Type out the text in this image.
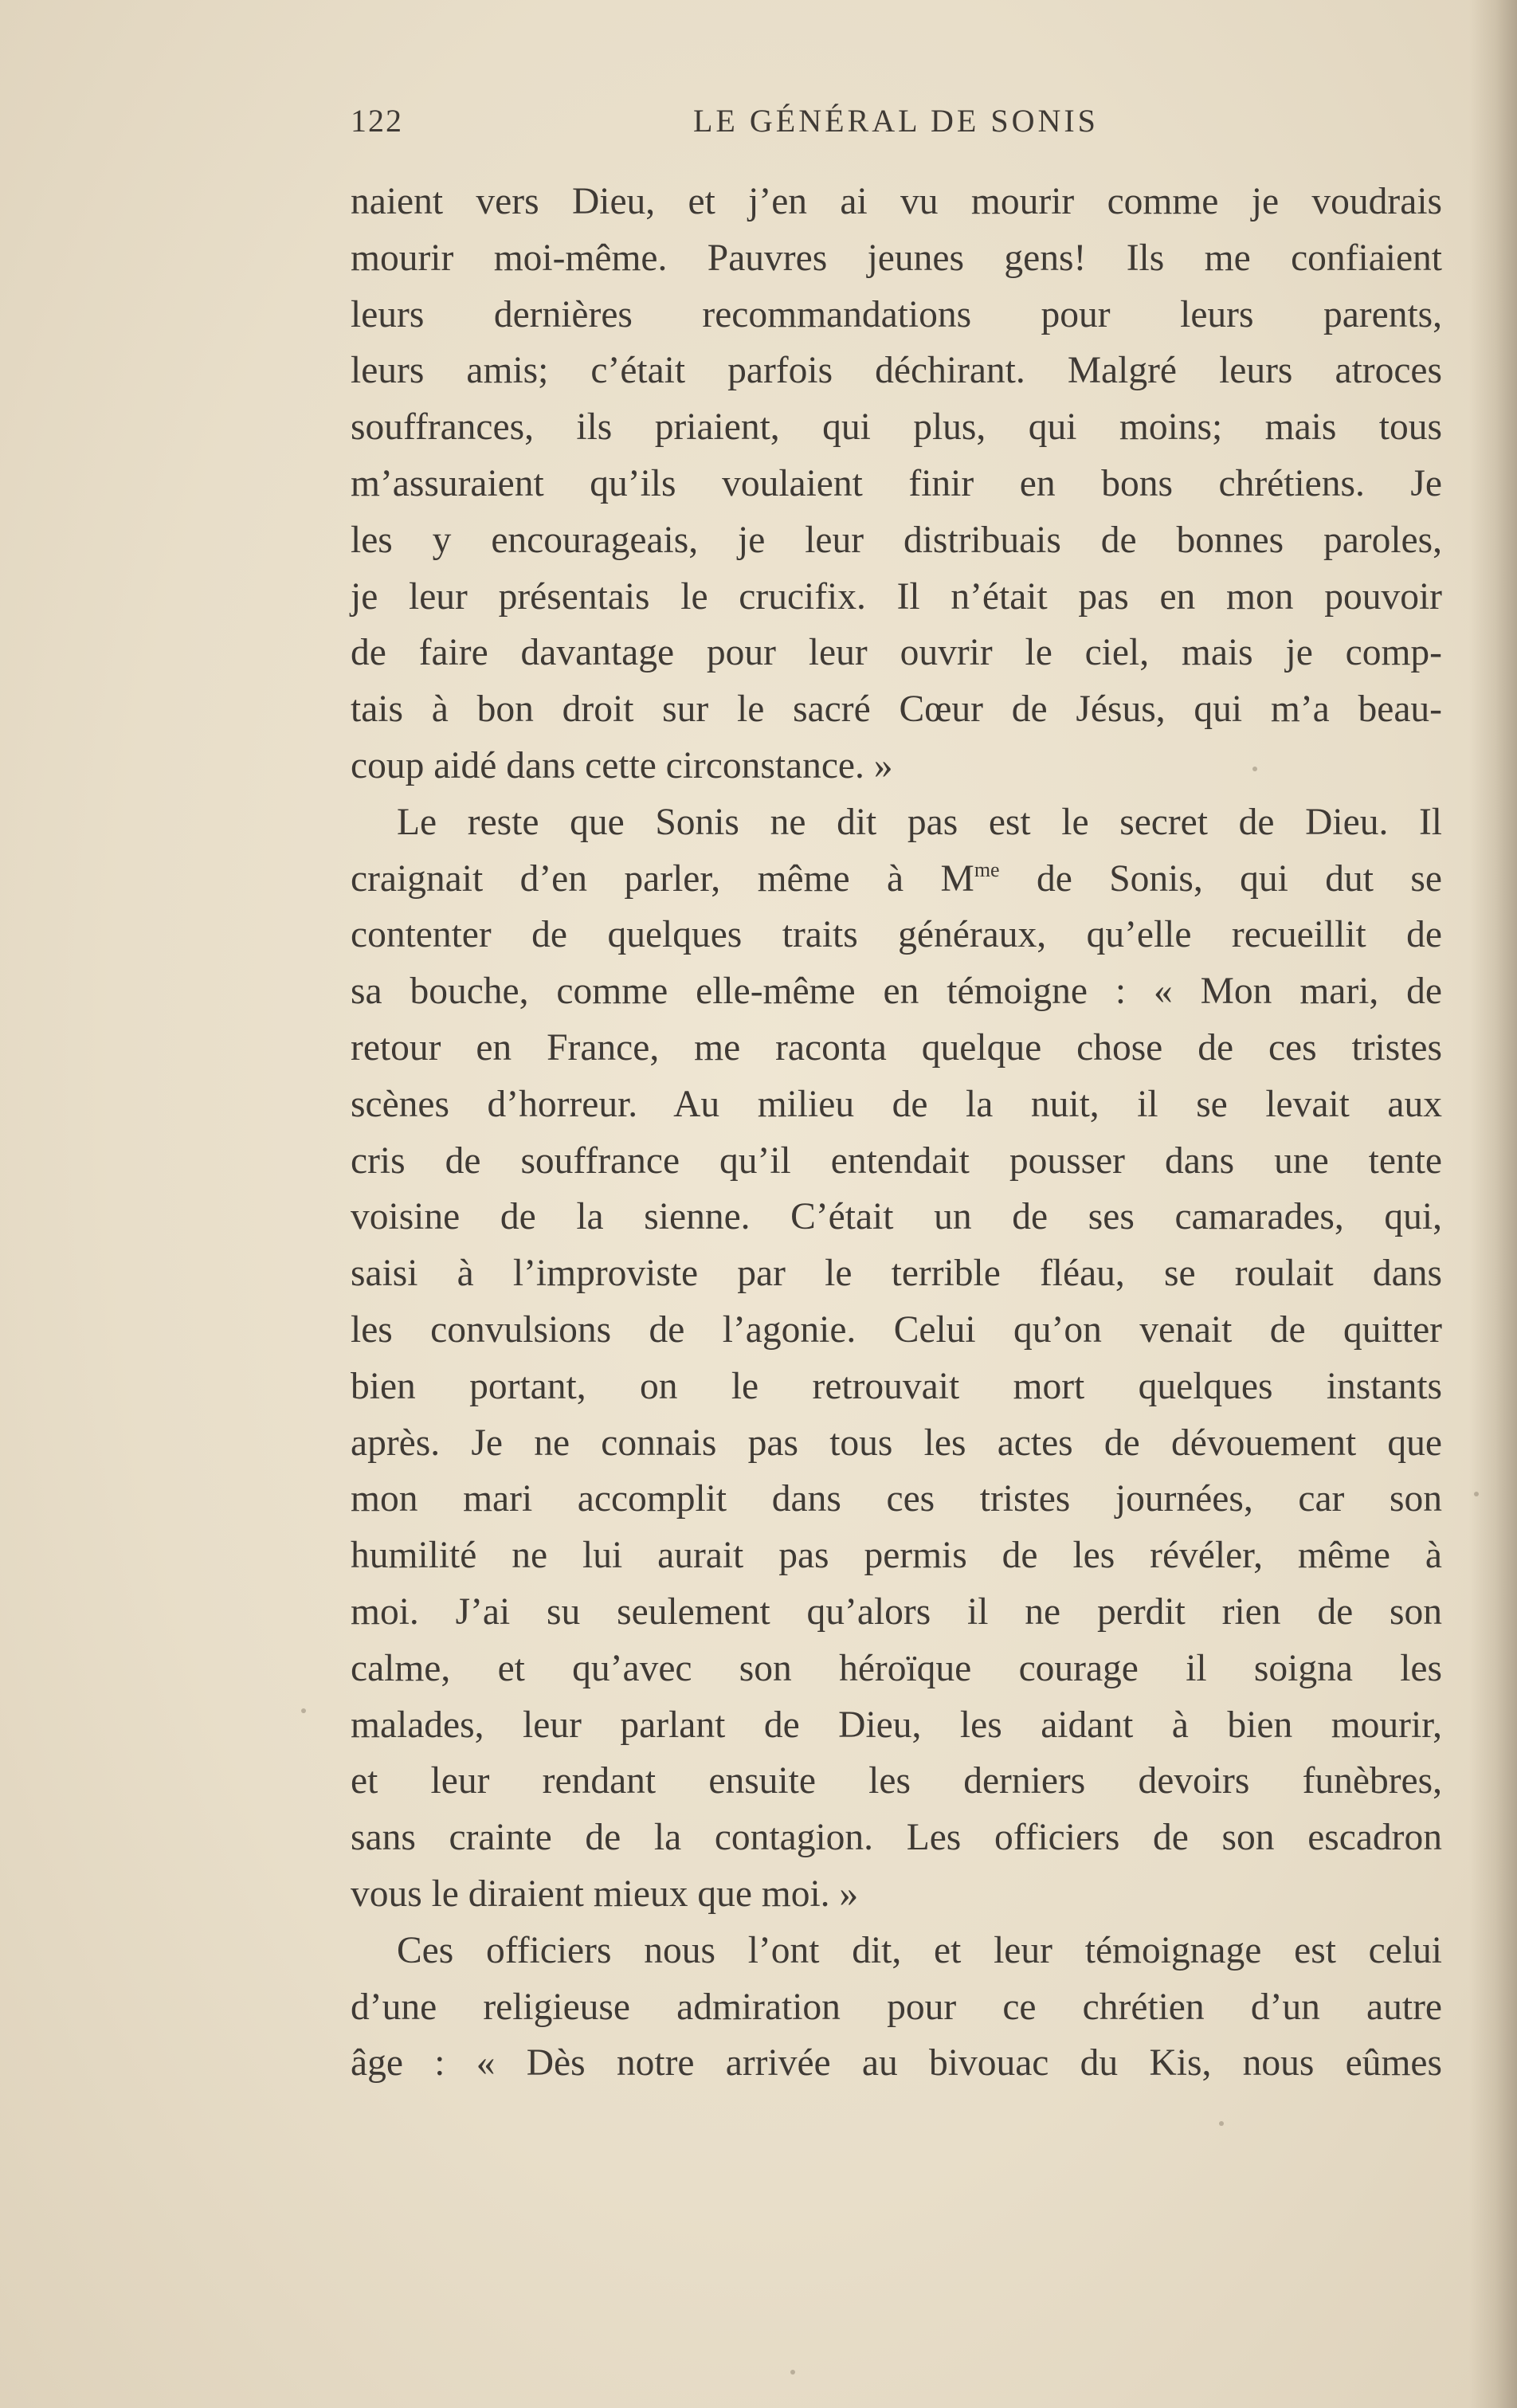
122	LE GÉNÉRAL DE SONIS
naient vers Dieu, et j’en ai vu mourir comme je voudrais
mourir moi-même. Pauvres jeunes gens! Ils me confiaient
leurs dernières recommandations pour leurs parents,
leurs amis; c’était parfois déchirant. Malgré leurs atroces
souffrances, ils priaient, qui plus, qui moins; mais tous
m’assuraient qu’ils voulaient finir en bons chrétiens. Je
les y encourageais, je leur distribuais de bonnes paroles,
je leur présentais le crucifix. Il n’était pas en mon pouvoir
de faire davantage pour leur ouvrir le ciel, mais je comp-
tais à bon droit sur le sacré Cœur de Jésus, qui m’a beau-
coup aidé dans cette circonstance. »
Le reste que Sonis ne dit pas est le secret de Dieu. Il
craignait d’en parler, même à $M^{me}$ de Sonis, qui dut se
contenter de quelques traits généraux, qu’elle recueillit de
sa bouche, comme elle-même en témoigne : « Mon mari, de
retour en France, me raconta quelque chose de ces tristes
scènes d’horreur. Au milieu de la nuit, il se levait aux
cris de souffrance qu’il entendait pousser dans une tente
voisine de la sienne. C’était un de ses camarades, qui,
saisi à l’improviste par le terrible fléau, se roulait dans
les convulsions de l’agonie. Celui qu’on venait de quitter
bien portant, on le retrouvait mort quelques instants
après. Je ne connais pas tous les actes de dévouement que
mon mari accomplit dans ces tristes journées, car son
humilité ne lui aurait pas permis de les révéler, même à
moi. J’ai su seulement qu’alors il ne perdit rien de son
calme, et qu’avec son héroïque courage il soigna les
malades, leur parlant de Dieu, les aidant à bien mourir,
et leur rendant ensuite les derniers devoirs funèbres,
sans crainte de la contagion. Les officiers de son escadron
vous le diraient mieux que moi. »
Ces officiers nous l’ont dit, et leur témoignage est celui
d’une religieuse admiration pour ce chrétien d’un autre
âge : « Dès notre arrivée au bivouac du Kis, nous eûmes
